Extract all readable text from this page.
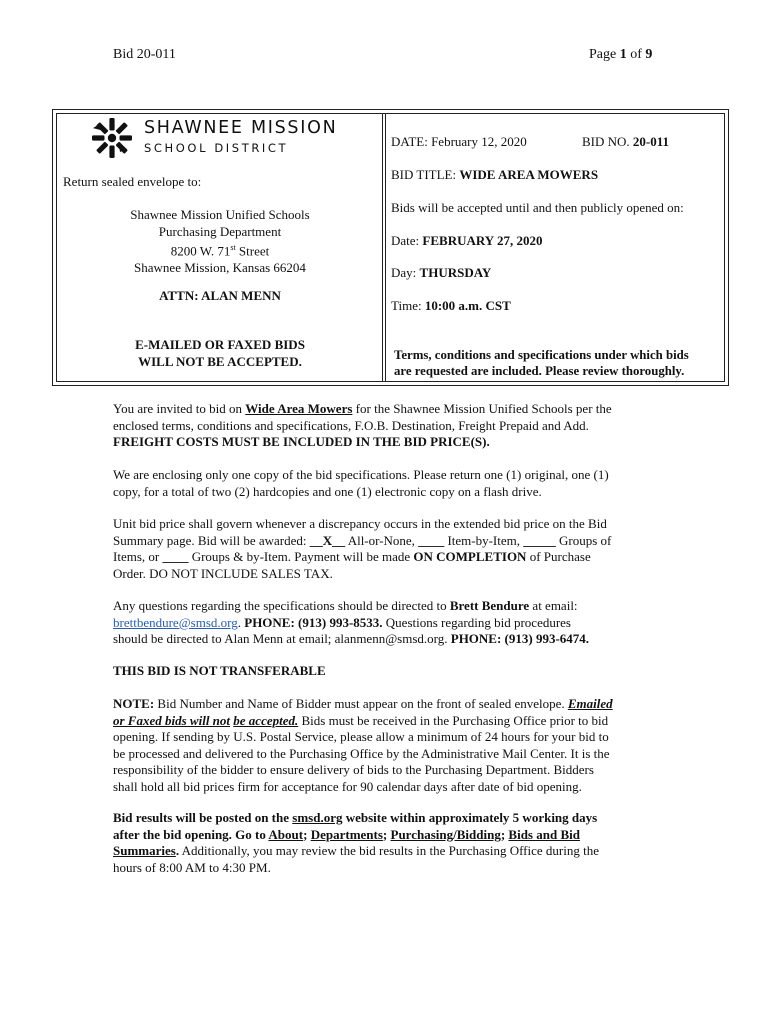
Bid 20-011	Page 1 of 9
SHAWNEE MISSION
SCHOOL DISTRICT
Return sealed envelope to:
Shawnee Mission Unified Schools
Purchasing Department
8200 W. 71st Street
Shawnee Mission, Kansas 66204
ATTN: ALAN MENN
E-MAILED OR FAXED BIDS
WILL NOT BE ACCEPTED.
DATE: February 12, 2020	BID NO. 20-011
BID TITLE: WIDE AREA MOWERS
Bids will be accepted until and then publicly opened on:
Date: FEBRUARY 27, 2020
Day: THURSDAY
Time: 10:00 a.m. CST
Terms, conditions and specifications under which bids
are requested are included. Please review thoroughly.

You are invited to bid on Wide Area Mowers for the Shawnee Mission Unified Schools per the

enclosed terms, conditions and specifications, F.O.B. Destination, Freight Prepaid and Add.

FREIGHT COSTS MUST BE INCLUDED IN THE BID PRICE(S).

We are enclosing only one copy of the bid specifications. Please return one (1) original, one (1)

copy, for a total of two (2) hardcopies and one (1) electronic copy on a flash drive.

Unit bid price shall govern whenever a discrepancy occurs in the extended bid price on the Bid

Summary page. Bid will be awarded: __X__ All-or-None, ____ Item-by-Item, _____ Groups of

Items, or ____ Groups & by-Item. Payment will be made ON COMPLETION of Purchase

Order. DO NOT INCLUDE SALES TAX.

Any questions regarding the specifications should be directed to Brett Bendure at email:

brettbendure@smsd.org. PHONE: (913) 993-8533. Questions regarding bid procedures

should be directed to Alan Menn at email; alanmenn@smsd.org. PHONE: (913) 993-6474.

THIS BID IS NOT TRANSFERABLE

NOTE: Bid Number and Name of Bidder must appear on the front of sealed envelope. Emailed

or Faxed bids will not be accepted. Bids must be received in the Purchasing Office prior to bid

opening. If sending by U.S. Postal Service, please allow a minimum of 24 hours for your bid to

be processed and delivered to the Purchasing Office by the Administrative Mail Center. It is the

responsibility of the bidder to ensure delivery of bids to the Purchasing Department. Bidders

shall hold all bid prices firm for acceptance for 90 calendar days after date of bid opening.

Bid results will be posted on the smsd.org website within approximately 5 working days

after the bid opening. Go to About; Departments; Purchasing/Bidding; Bids and Bid

Summaries. Additionally, you may review the bid results in the Purchasing Office during the

hours of 8:00 AM to 4:30 PM.
